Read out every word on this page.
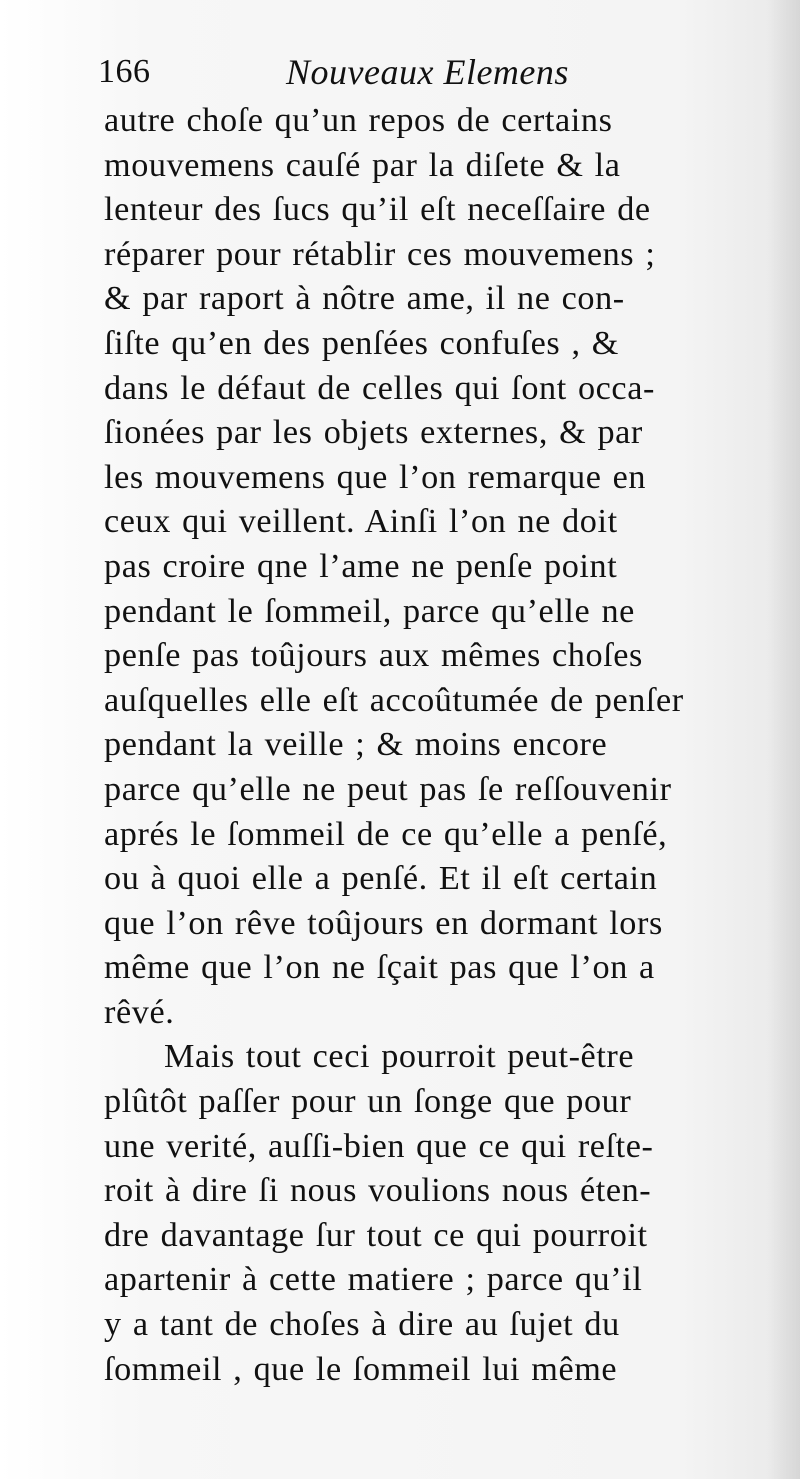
166	Nouveaux Elemens
autre choſe qu’un repos de certains
mouvemens cauſé par la diſete & la
lenteur des ſucs qu’il eſt neceſſaire de
réparer pour rétablir ces mouvemens ;
& par raport à nôtre ame, il ne con-
ſiſte qu’en des penſées confuſes , &
dans le défaut de celles qui ſont occa-
ſionées par les objets externes, & par
les mouvemens que l’on remarque en
ceux qui veillent. Ainſi l’on ne doit
pas croire qne l’ame ne penſe point
pendant le ſommeil, parce qu’elle ne
penſe pas toûjours aux mêmes choſes
auſquelles elle eſt accoûtumée de penſer
pendant la veille ; & moins encore
parce qu’elle ne peut pas ſe reſſouvenir
aprés le ſommeil de ce qu’elle a penſé,
ou à quoi elle a penſé. Et il eſt certain
que l’on rêve toûjours en dormant lors
même que l’on ne ſçait pas que l’on a
rêvé.
Mais tout ceci pourroit peut-être
plûtôt paſſer pour un ſonge que pour
une verité, auſſi-bien que ce qui reſte-
roit à dire ſi nous voulions nous éten-
dre davantage ſur tout ce qui pourroit
apartenir à cette matiere ; parce qu’il
y a tant de choſes à dire au ſujet du
ſommeil , que le ſommeil lui même
